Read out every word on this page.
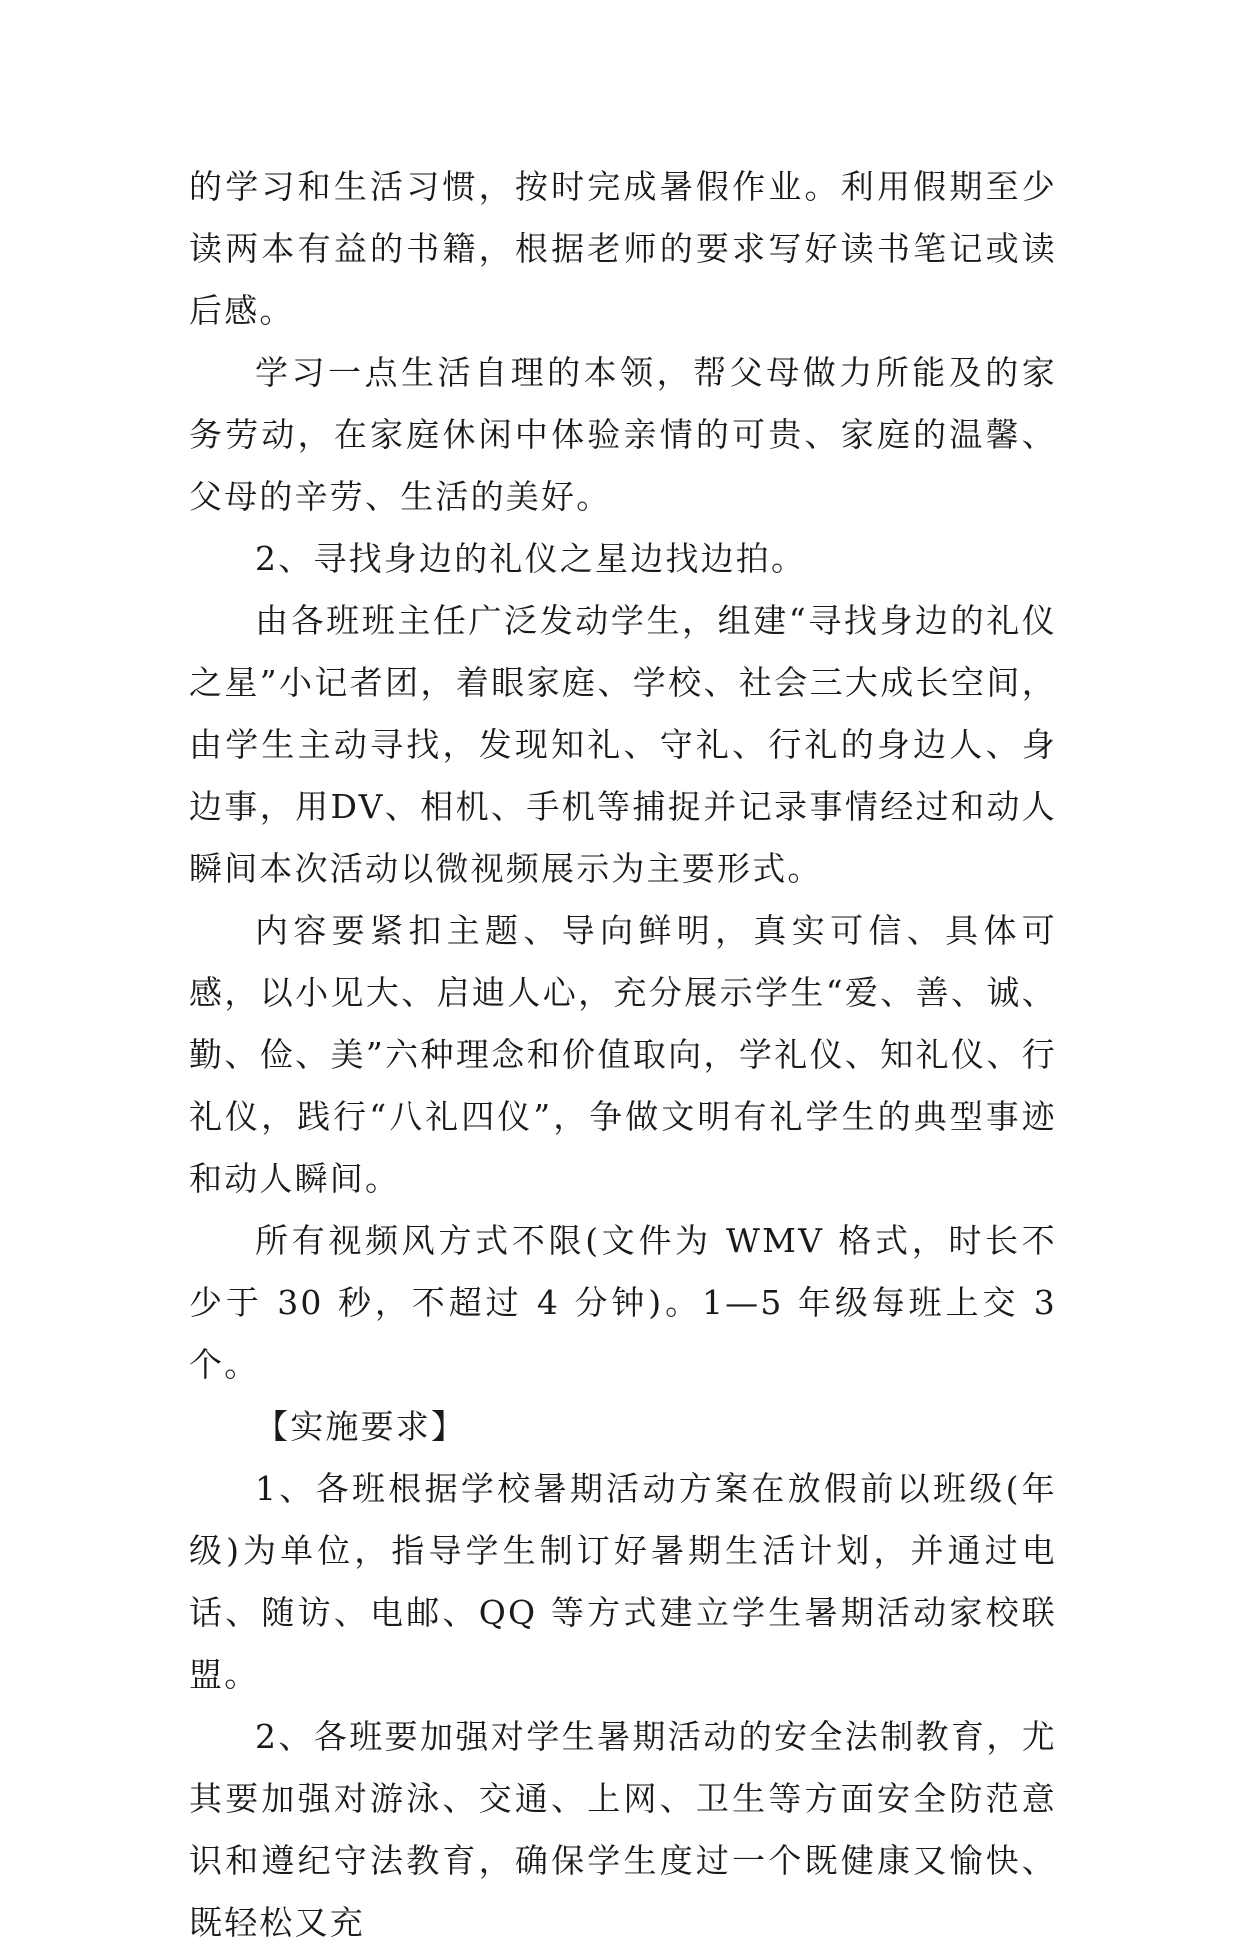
的学习和生活习惯，按时完成暑假作业。利用假期至少读两本有益的书籍，根据老师的要求写好读书笔记或读后感。

学习一点生活自理的本领，帮父母做力所能及的家务劳动，在家庭休闲中体验亲情的可贵、家庭的温馨、父母的辛劳、生活的美好。

2、寻找身边的礼仪之星边找边拍。

由各班班主任广泛发动学生，组建“寻找身边的礼仪之星”小记者团，着眼家庭、学校、社会三大成长空间，由学生主动寻找，发现知礼、守礼、行礼的身边人、身边事，用DV、相机、手机等捕捉并记录事情经过和动人瞬间本次活动以微视频展示为主要形式。

内容要紧扣主题、导向鲜明，真实可信、具体可感，以小见大、启迪人心，充分展示学生“爱、善、诚、勤、俭、美”六种理念和价值取向，学礼仪、知礼仪、行礼仪，践行“八礼四仪”，争做文明有礼学生的典型事迹和动人瞬间。

所有视频风方式不限(文件为 WMV 格式，时长不少于 30 秒，不超过 4 分钟)。1—5 年级每班上交 3 个。

【实施要求】

1、各班根据学校暑期活动方案在放假前以班级(年级)为单位，指导学生制订好暑期生活计划，并通过电话、随访、电邮、QQ 等方式建立学生暑期活动家校联盟。

2、各班要加强对学生暑期活动的安全法制教育，尤其要加强对游泳、交通、上网、卫生等方面安全防范意识和遵纪守法教育，确保学生度过一个既健康又愉快、既轻松又充
